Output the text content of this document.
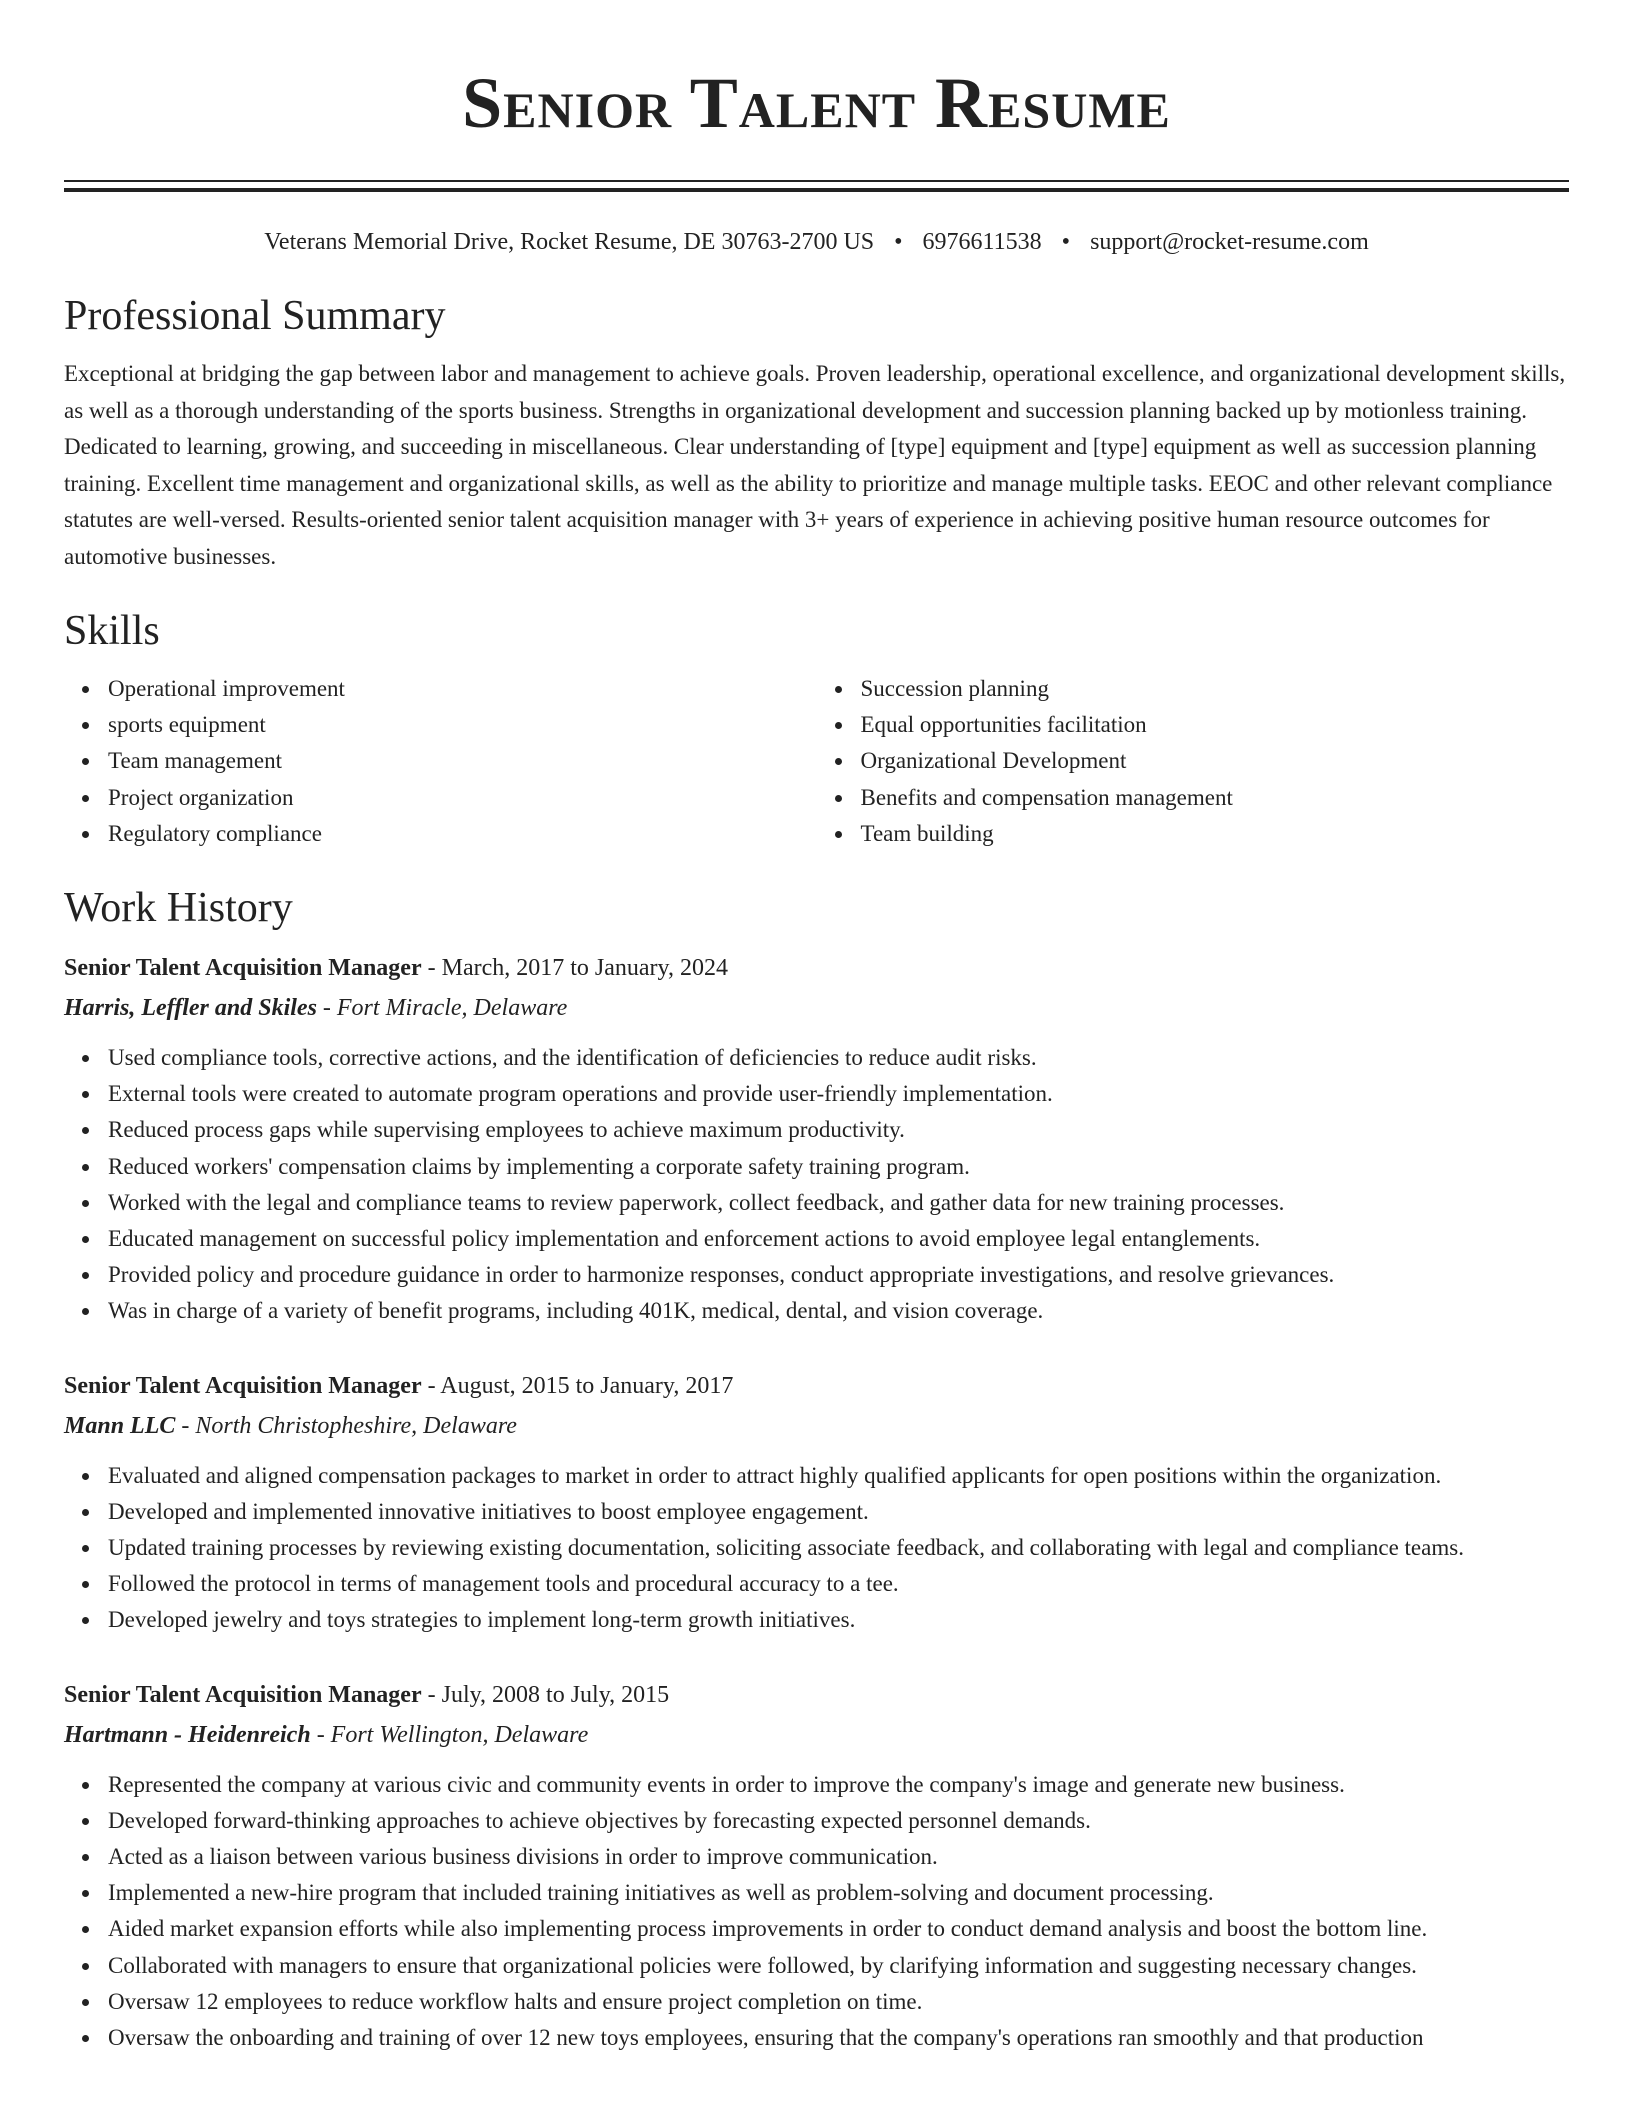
Senior Talent Resume
Veterans Memorial Drive, Rocket Resume, DE 30763-2700 US • 6976611538 • support@rocket-resume.com
Professional Summary

Exceptional at bridging the gap between labor and management to achieve goals. Proven leadership, operational excellence, and organizational development skills, as well as a thorough understanding of the sports business. Strengths in organizational development and succession planning backed up by motionless training. Dedicated to learning, growing, and succeeding in miscellaneous. Clear understanding of [type] equipment and [type] equipment as well as succession planning training. Excellent time management and organizational skills, as well as the ability to prioritize and manage multiple tasks. EEOC and other relevant compliance statutes are well-versed. Results-oriented senior talent acquisition manager with 3+ years of experience in achieving positive human resource outcomes for automotive businesses.

Skills
Operational improvement
sports equipment
Team management
Project organization
Regulatory compliance
Succession planning
Equal opportunities facilitation
Organizational Development
Benefits and compensation management
Team building
Work History
Senior Talent Acquisition Manager - March, 2017 to January, 2024
Harris, Leffler and Skiles - Fort Miracle, Delaware
Used compliance tools, corrective actions, and the identification of deficiencies to reduce audit risks.
External tools were created to automate program operations and provide user-friendly implementation.
Reduced process gaps while supervising employees to achieve maximum productivity.
Reduced workers' compensation claims by implementing a corporate safety training program.
Worked with the legal and compliance teams to review paperwork, collect feedback, and gather data for new training processes.
Educated management on successful policy implementation and enforcement actions to avoid employee legal entanglements.
Provided policy and procedure guidance in order to harmonize responses, conduct appropriate investigations, and resolve grievances.
Was in charge of a variety of benefit programs, including 401K, medical, dental, and vision coverage.
Senior Talent Acquisition Manager - August, 2015 to January, 2017
Mann LLC - North Christopheshire, Delaware
Evaluated and aligned compensation packages to market in order to attract highly qualified applicants for open positions within the organization.
Developed and implemented innovative initiatives to boost employee engagement.
Updated training processes by reviewing existing documentation, soliciting associate feedback, and collaborating with legal and compliance teams.
Followed the protocol in terms of management tools and procedural accuracy to a tee.
Developed jewelry and toys strategies to implement long-term growth initiatives.
Senior Talent Acquisition Manager - July, 2008 to July, 2015
Hartmann - Heidenreich - Fort Wellington, Delaware
Represented the company at various civic and community events in order to improve the company's image and generate new business.
Developed forward-thinking approaches to achieve objectives by forecasting expected personnel demands.
Acted as a liaison between various business divisions in order to improve communication.
Implemented a new-hire program that included training initiatives as well as problem-solving and document processing.
Aided market expansion efforts while also implementing process improvements in order to conduct demand analysis and boost the bottom line.
Collaborated with managers to ensure that organizational policies were followed, by clarifying information and suggesting necessary changes.
Oversaw 12 employees to reduce workflow halts and ensure project completion on time.
Oversaw the onboarding and training of over 12 new toys employees, ensuring that the company's operations ran smoothly and that production
